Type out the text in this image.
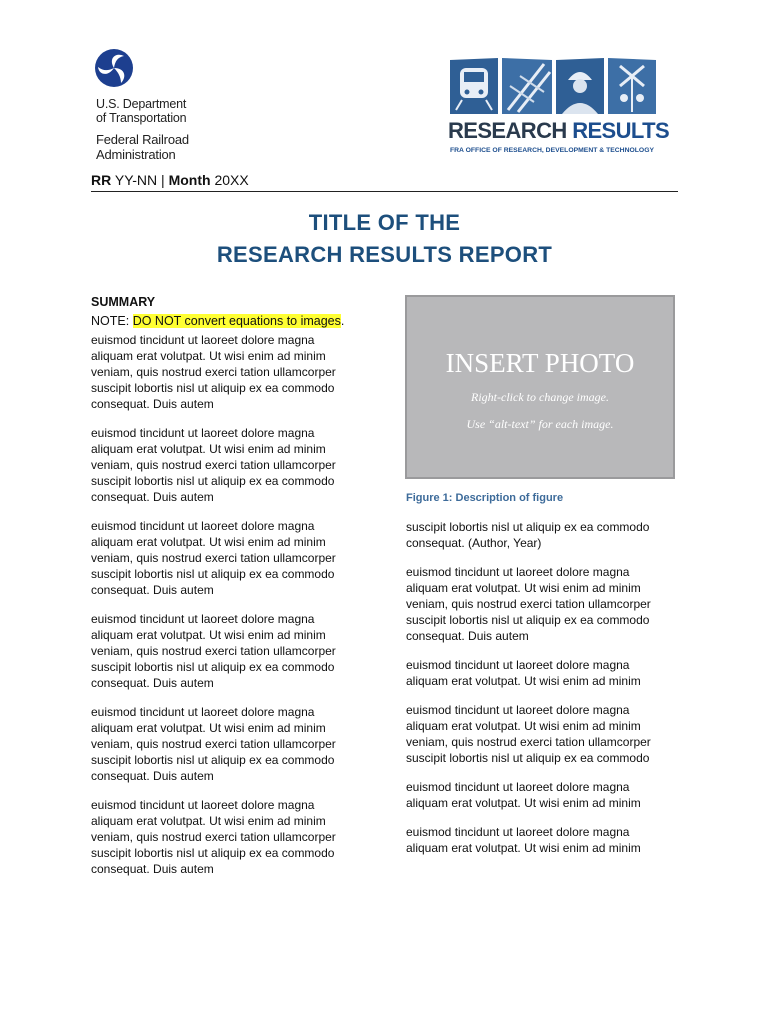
U.S. Department
of Transportation
Federal Railroad
Administration
RESEARCH RESULTS
FRA OFFICE OF RESEARCH, DEVELOPMENT & TECHNOLOGY
RR YY-NN | Month 20XX
TITLE OF THE
RESEARCH RESULTS REPORT
SUMMARY
NOTE: DO NOT convert equations to images.
euismod tincidunt ut laoreet dolore magna
aliquam erat volutpat. Ut wisi enim ad minim
veniam, quis nostrud exerci tation ullamcorper
suscipit lobortis nisl ut aliquip ex ea commodo
consequat. Duis autem
euismod tincidunt ut laoreet dolore magna
aliquam erat volutpat. Ut wisi enim ad minim
veniam, quis nostrud exerci tation ullamcorper
suscipit lobortis nisl ut aliquip ex ea commodo
consequat. Duis autem
euismod tincidunt ut laoreet dolore magna
aliquam erat volutpat. Ut wisi enim ad minim
veniam, quis nostrud exerci tation ullamcorper
suscipit lobortis nisl ut aliquip ex ea commodo
consequat. Duis autem
euismod tincidunt ut laoreet dolore magna
aliquam erat volutpat. Ut wisi enim ad minim
veniam, quis nostrud exerci tation ullamcorper
suscipit lobortis nisl ut aliquip ex ea commodo
consequat. Duis autem
euismod tincidunt ut laoreet dolore magna
aliquam erat volutpat. Ut wisi enim ad minim
veniam, quis nostrud exerci tation ullamcorper
suscipit lobortis nisl ut aliquip ex ea commodo
consequat. Duis autem
euismod tincidunt ut laoreet dolore magna
aliquam erat volutpat. Ut wisi enim ad minim
veniam, quis nostrud exerci tation ullamcorper
suscipit lobortis nisl ut aliquip ex ea commodo
consequat. Duis autem
INSERT PHOTO
Right-click to change image.
Use “alt-text” for each image.
Figure 1: Description of figure
suscipit lobortis nisl ut aliquip ex ea commodo
consequat. (Author, Year)
euismod tincidunt ut laoreet dolore magna
aliquam erat volutpat. Ut wisi enim ad minim
veniam, quis nostrud exerci tation ullamcorper
suscipit lobortis nisl ut aliquip ex ea commodo
consequat. Duis autem
euismod tincidunt ut laoreet dolore magna
aliquam erat volutpat. Ut wisi enim ad minim
euismod tincidunt ut laoreet dolore magna
aliquam erat volutpat. Ut wisi enim ad minim
veniam, quis nostrud exerci tation ullamcorper
suscipit lobortis nisl ut aliquip ex ea commodo
euismod tincidunt ut laoreet dolore magna
aliquam erat volutpat. Ut wisi enim ad minim
euismod tincidunt ut laoreet dolore magna
aliquam erat volutpat. Ut wisi enim ad minim
